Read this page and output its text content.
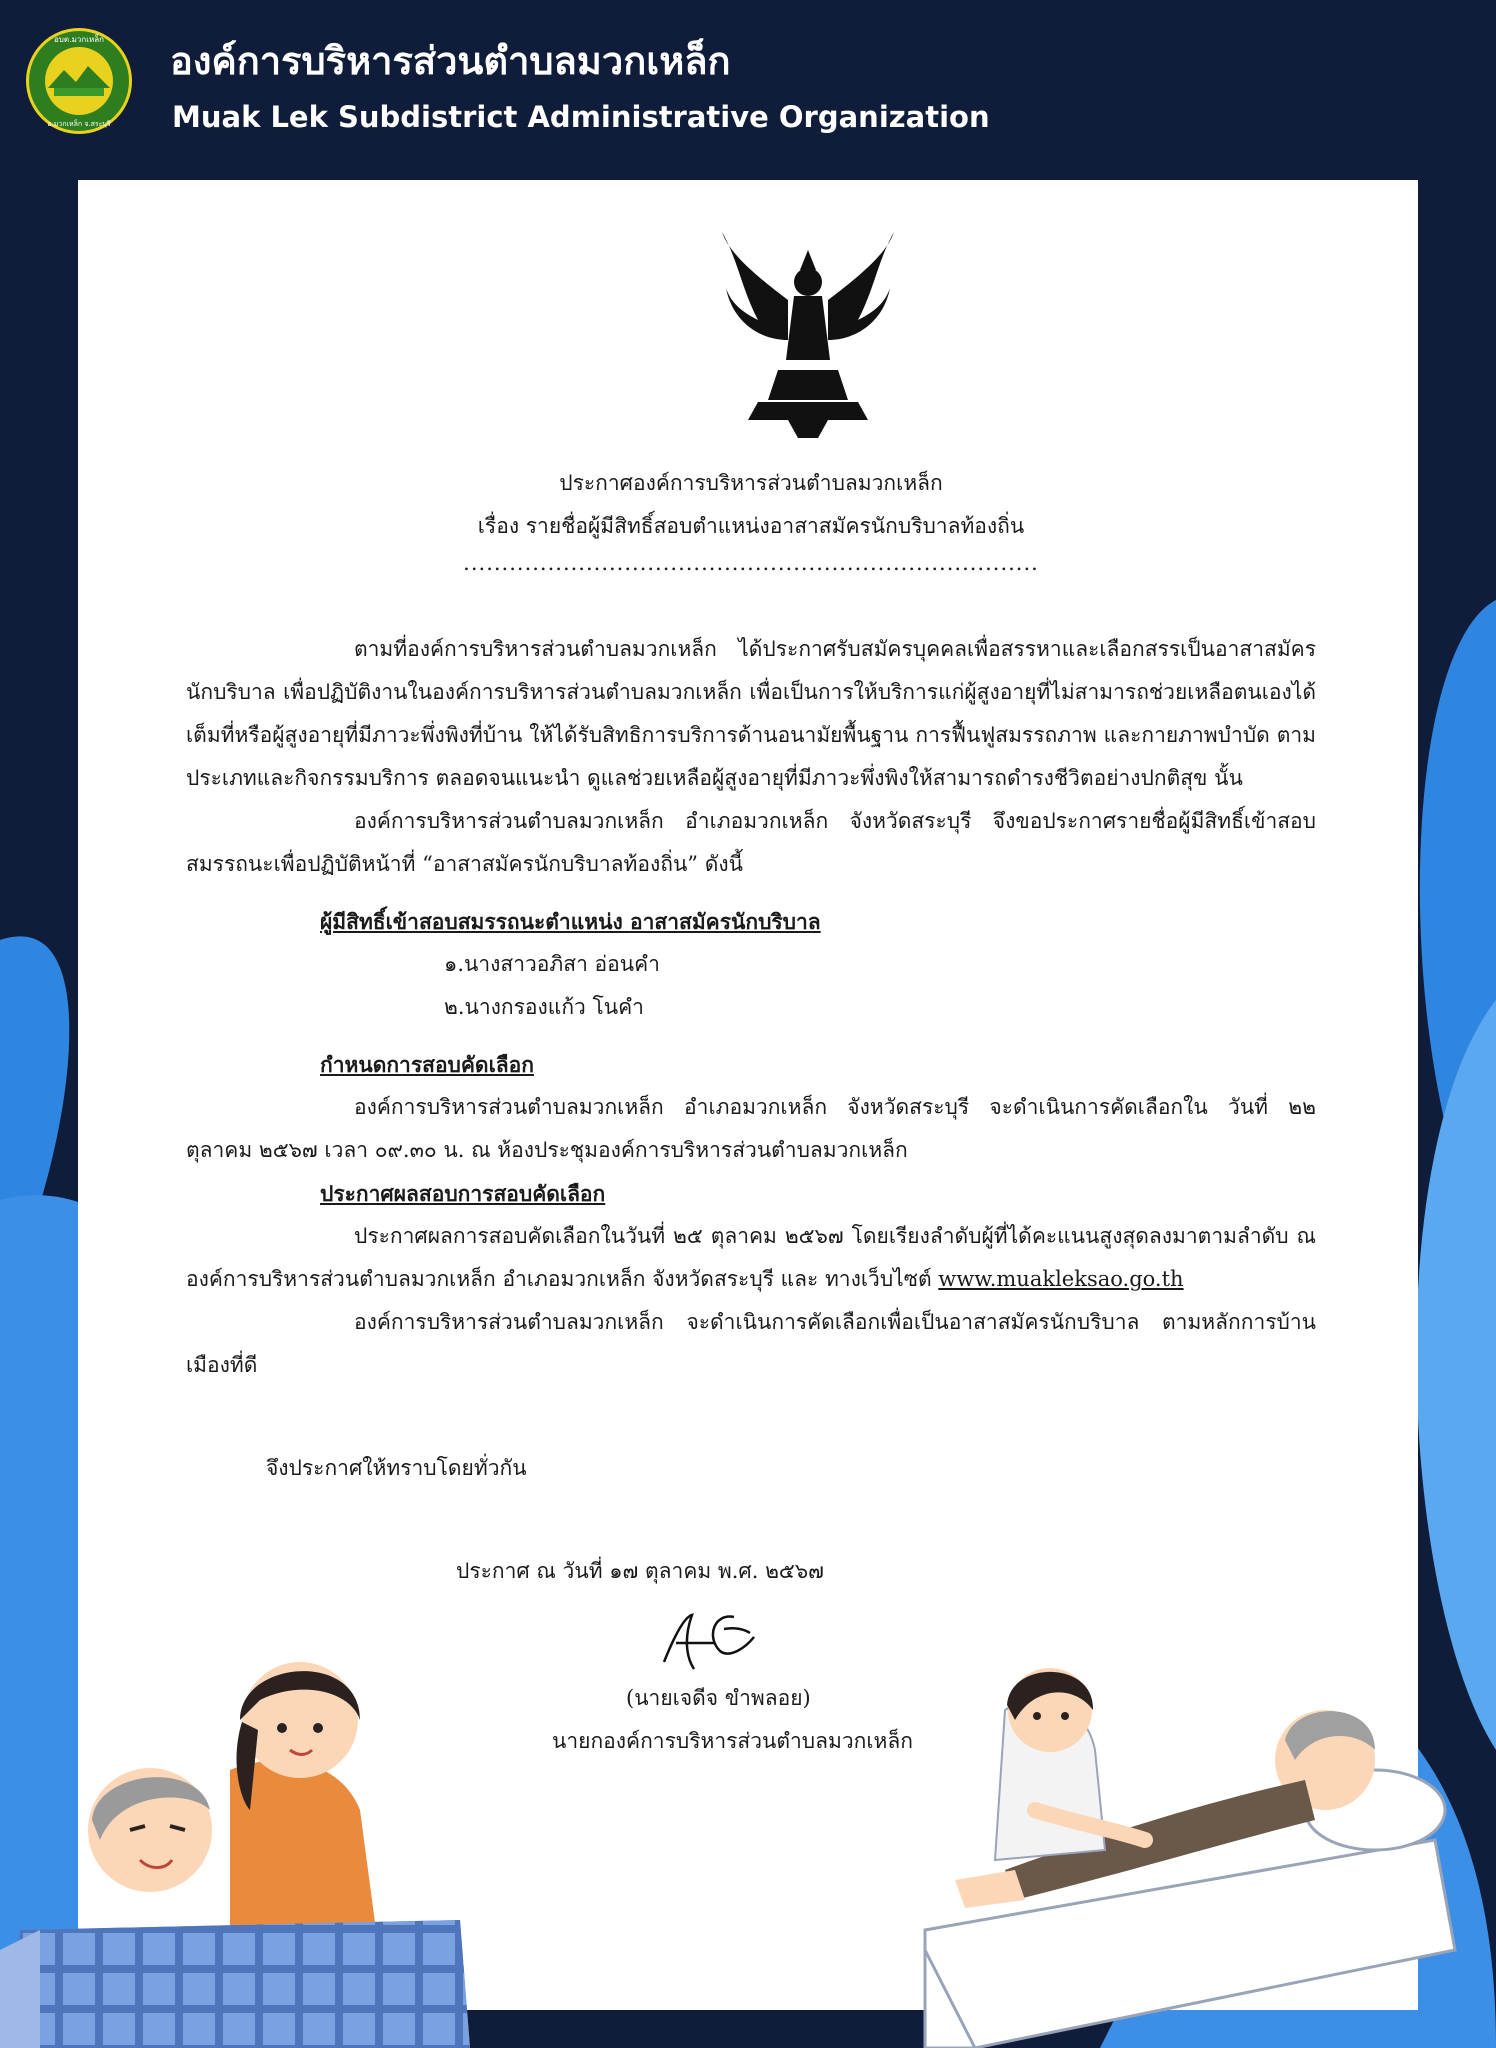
อบต.มวกเหล็ก
อ.มวกเหล็ก จ.สระบุรี
องค์การบริหารส่วนตำบลมวกเหล็ก
Muak Lek Subdistrict Administrative Organization
ประกาศองค์การบริหารส่วนตำบลมวกเหล็ก
เรื่อง รายชื่อผู้มีสิทธิ์สอบตำแหน่งอาสาสมัครนักบริบาลท้องถิ่น
...........................................................................

ตามที่องค์การบริหารส่วนตำบลมวกเหล็ก ได้ประกาศรับสมัครบุคคลเพื่อสรรหาและเลือกสรรเป็นอาสาสมัครนักบริบาล เพื่อปฏิบัติงานในองค์การบริหารส่วนตำบลมวกเหล็ก เพื่อเป็นการให้บริการแก่ผู้สูงอายุที่ไม่สามารถช่วยเหลือตนเองได้เต็มที่หรือผู้สูงอายุที่มีภาวะพึ่งพิงที่บ้าน ให้ได้รับสิทธิการบริการด้านอนามัยพื้นฐาน การฟื้นฟูสมรรถภาพ และกายภาพบำบัด ตามประเภทและกิจกรรมบริการ ตลอดจนแนะนำ ดูแลช่วยเหลือผู้สูงอายุที่มีภาวะพึ่งพิงให้สามารถดำรงชีวิตอย่างปกติสุข นั้น

องค์การบริหารส่วนตำบลมวกเหล็ก อำเภอมวกเหล็ก จังหวัดสระบุรี จึงขอประกาศรายชื่อผู้มีสิทธิ์เข้าสอบสมรรถนะเพื่อปฏิบัติหน้าที่ “อาสาสมัครนักบริบาลท้องถิ่น” ดังนี้

ผู้มีสิทธิ์เข้าสอบสมรรถนะตำแหน่ง อาสาสมัครนักบริบาล
๑.นางสาวอภิสา อ่อนคำ
๒.นางกรองแก้ว โนคำ
กำหนดการสอบคัดเลือก

องค์การบริหารส่วนตำบลมวกเหล็ก อำเภอมวกเหล็ก จังหวัดสระบุรี จะดำเนินการคัดเลือกใน วันที่ ๒๒ ตุลาคม ๒๕๖๗ เวลา ๐๙.๓๐ น. ณ ห้องประชุมองค์การบริหารส่วนตำบลมวกเหล็ก

ประกาศผลสอบการสอบคัดเลือก

ประกาศผลการสอบคัดเลือกในวันที่ ๒๕ ตุลาคม ๒๕๖๗ โดยเรียงลำดับผู้ที่ได้คะแนนสูงสุดลงมาตามลำดับ ณ องค์การบริหารส่วนตำบลมวกเหล็ก อำเภอมวกเหล็ก จังหวัดสระบุรี และ ทางเว็บไซต์ www.muakleksao.go.th

องค์การบริหารส่วนตำบลมวกเหล็ก จะดำเนินการคัดเลือกเพื่อเป็นอาสาสมัครนักบริบาล ตามหลักการบ้านเมืองที่ดี

จึงประกาศให้ทราบโดยทั่วกัน
ประกาศ ณ วันที่ ๑๗ ตุลาคม พ.ศ. ๒๕๖๗
(นายเจดีจ ขำพลอย)
นายกองค์การบริหารส่วนตำบลมวกเหล็ก
